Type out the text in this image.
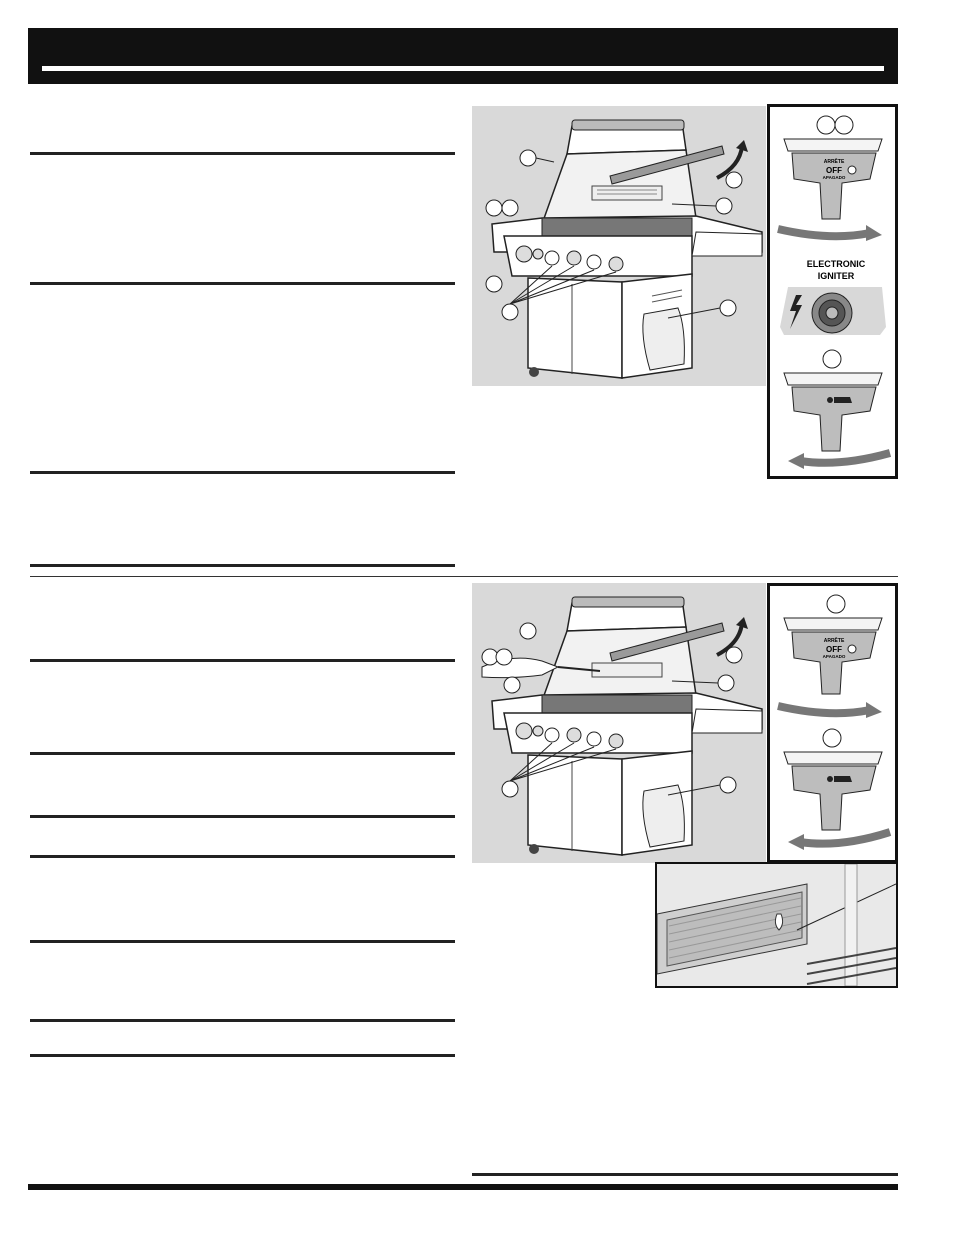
ARRÊTE
OFF
APAGADO
ELECTRONIC
IGNITER
ARRÊTE
OFF
APAGADO
